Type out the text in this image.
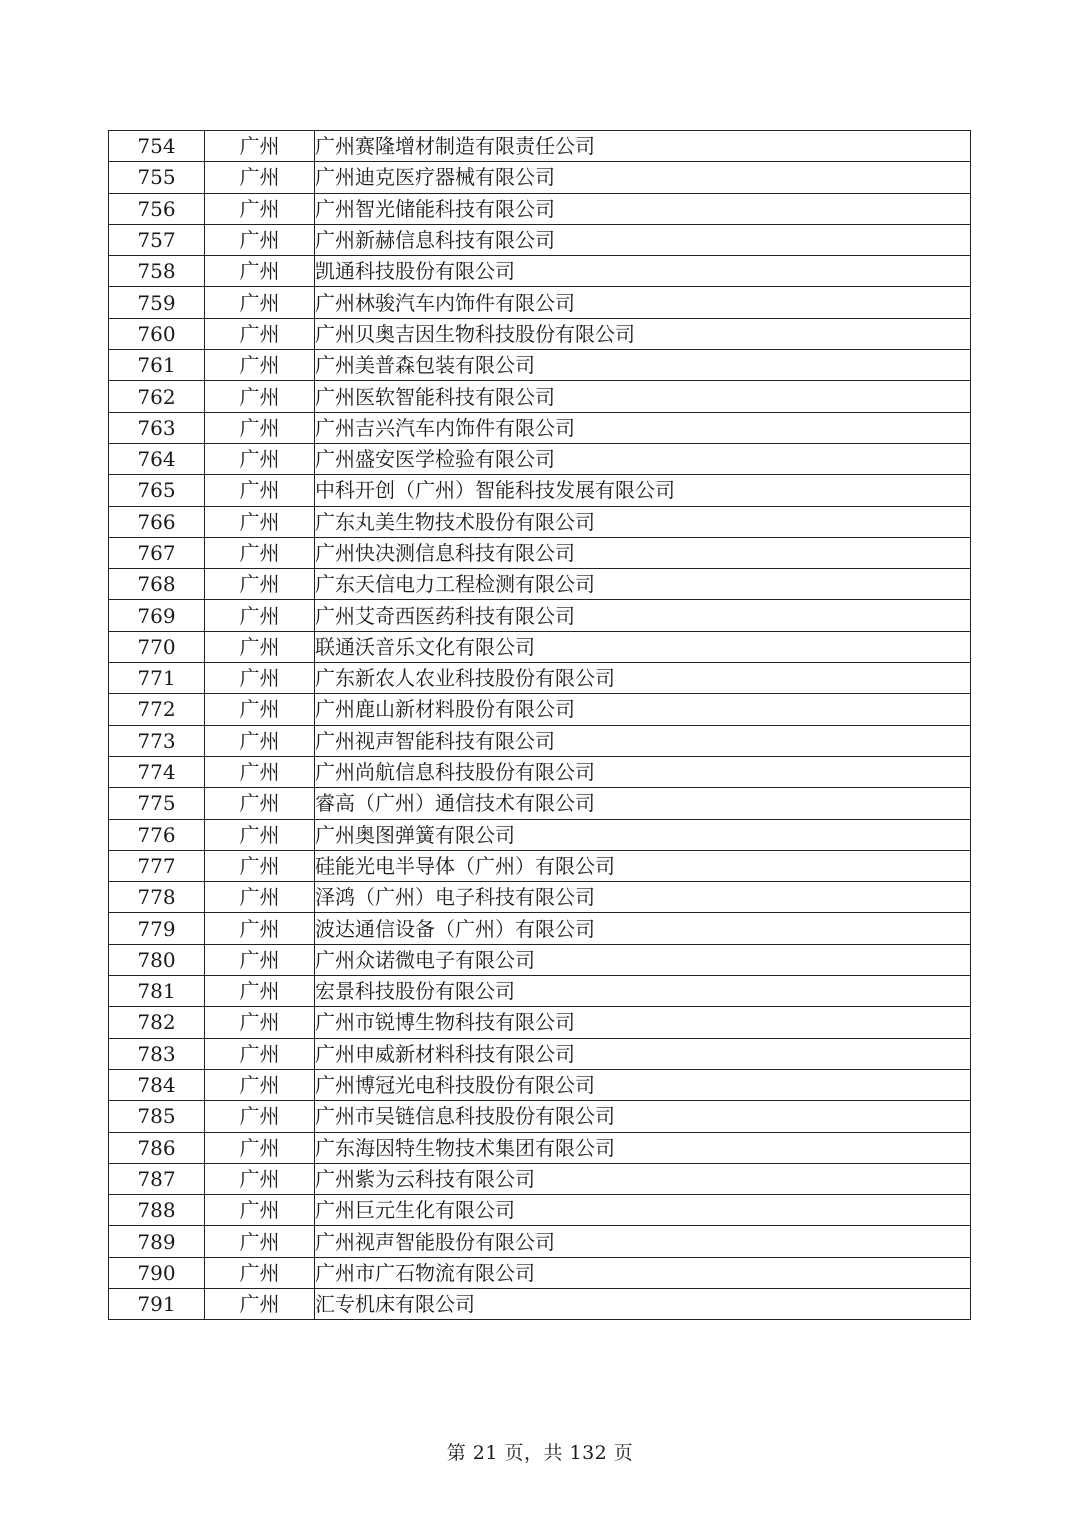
754	广州	广州赛隆增材制造有限责任公司
755	广州	广州迪克医疗器械有限公司
756	广州	广州智光储能科技有限公司
757	广州	广州新赫信息科技有限公司
758	广州	凯通科技股份有限公司
759	广州	广州林骏汽车内饰件有限公司
760	广州	广州贝奥吉因生物科技股份有限公司
761	广州	广州美普森包装有限公司
762	广州	广州医软智能科技有限公司
763	广州	广州吉兴汽车内饰件有限公司
764	广州	广州盛安医学检验有限公司
765	广州	中科开创（广州）智能科技发展有限公司
766	广州	广东丸美生物技术股份有限公司
767	广州	广州快决测信息科技有限公司
768	广州	广东天信电力工程检测有限公司
769	广州	广州艾奇西医药科技有限公司
770	广州	联通沃音乐文化有限公司
771	广州	广东新农人农业科技股份有限公司
772	广州	广州鹿山新材料股份有限公司
773	广州	广州视声智能科技有限公司
774	广州	广州尚航信息科技股份有限公司
775	广州	睿高（广州）通信技术有限公司
776	广州	广州奥图弹簧有限公司
777	广州	硅能光电半导体（广州）有限公司
778	广州	泽鸿（广州）电子科技有限公司
779	广州	波达通信设备（广州）有限公司
780	广州	广州众诺微电子有限公司
781	广州	宏景科技股份有限公司
782	广州	广州市锐博生物科技有限公司
783	广州	广州申威新材料科技有限公司
784	广州	广州博冠光电科技股份有限公司
785	广州	广州市吴链信息科技股份有限公司
786	广州	广东海因特生物技术集团有限公司
787	广州	广州紫为云科技有限公司
788	广州	广州巨元生化有限公司
789	广州	广州视声智能股份有限公司
790	广州	广州市广石物流有限公司
791	广州	汇专机床有限公司
第 21 页，共 132 页
